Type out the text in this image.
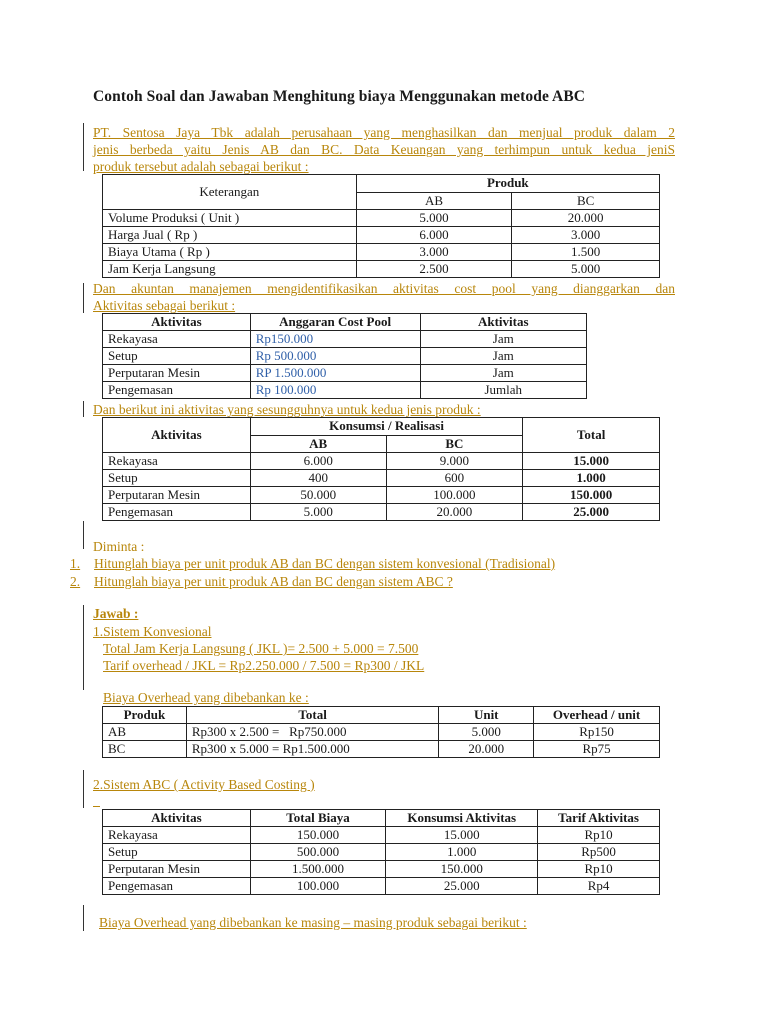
Contoh Soal dan Jawaban Menghitung biaya Menggunakan metode ABC
PT. Sentosa Jaya Tbk adalah perusahaan yang menghasilkan dan menjual produk dalam 2
jenis berbeda yaitu Jenis AB dan BC. Data Keuangan yang terhimpun untuk kedua jeniS
produk tersebut adalah sebagai berikut :
Keterangan	Produk	
	AB	BC
Volume Produksi ( Unit )	5.000	20.000
Harga Jual ( Rp )	6.000	3.000
Biaya Utama ( Rp )	3.000	1.500
Jam Kerja Langsung	2.500	5.000
Dan akuntan manajemen mengidentifikasikan aktivitas cost pool yang dianggarkan dan
Aktivitas sebagai berikut :
Aktivitas	Anggaran Cost Pool	Aktivitas
Rekayasa	Rp150.000	Jam
Setup	Rp 500.000	Jam
Perputaran Mesin	RP 1.500.000	Jam
Pengemasan	Rp 100.000	Jumlah
Dan berikut ini aktivitas yang sesungguhnya untuk kedua jenis produk :
Aktivitas	Konsumsi / Realisasi		Total
	AB	BC	
Rekayasa	6.000	9.000	15.000
Setup	400	600	1.000
Perputaran Mesin	50.000	100.000	150.000
Pengemasan	5.000	20.000	25.000
Diminta :
1. Hitunglah biaya per unit produk AB dan BC dengan sistem konvesional (Tradisional)
2. Hitunglah biaya per unit produk AB dan BC dengan sistem ABC ?
Jawab :
1.Sistem Konvesional
Total Jam Kerja Langsung ( JKL )= 2.500 + 5.000 = 7.500
Tarif overhead / JKL = Rp2.250.000 / 7.500 = Rp300 / JKL
Biaya Overhead yang dibebankan ke :
Produk	Total	Unit	Overhead / unit
AB	Rp300 x 2.500 =   Rp750.000	5.000	Rp150
BC	Rp300 x 5.000 = Rp1.500.000	20.000	Rp75
2.Sistem ABC ( Activity Based Costing )
Aktivitas	Total Biaya	Konsumsi Aktivitas	Tarif Aktivitas
Rekayasa	150.000	15.000	Rp10
Setup	500.000	1.000	Rp500
Perputaran Mesin	1.500.000	150.000	Rp10
Pengemasan	100.000	25.000	Rp4
Biaya Overhead yang dibebankan ke masing – masing produk sebagai berikut :
